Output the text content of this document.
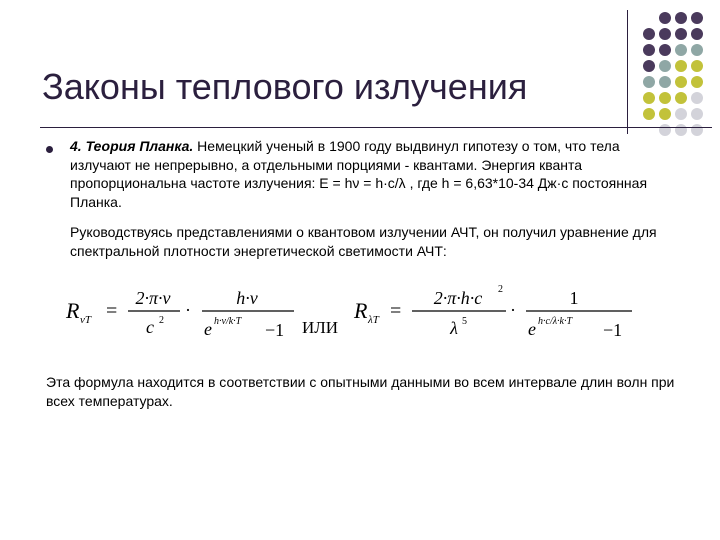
Законы теплового излучения
4. Теория Планка. Немецкий ученый в 1900 году выдвинул гипотезу о том, что тела излучают не непрерывно, а отдельными порциями - квантами. Энергия кванта пропорциональна частоте излучения: E = hν = h·c/λ , где h = 6,63*10-34 Дж·с постоянная Планка.
Руководствуясь представлениями о квантовом излучении АЧТ, он получил уравнение для спектральной плотности энергетической светимости АЧТ:
R νT =
2·π·ν
c 2
·
h·ν
e h·ν/k·T −1 ИЛИ
R λT =
2·π·h·c 2
λ 5
·
1
e h·c/λ·k·T −1
Эта формула находится в соответствии с опытными данными во всем интервале длин волн при всех температурах.
